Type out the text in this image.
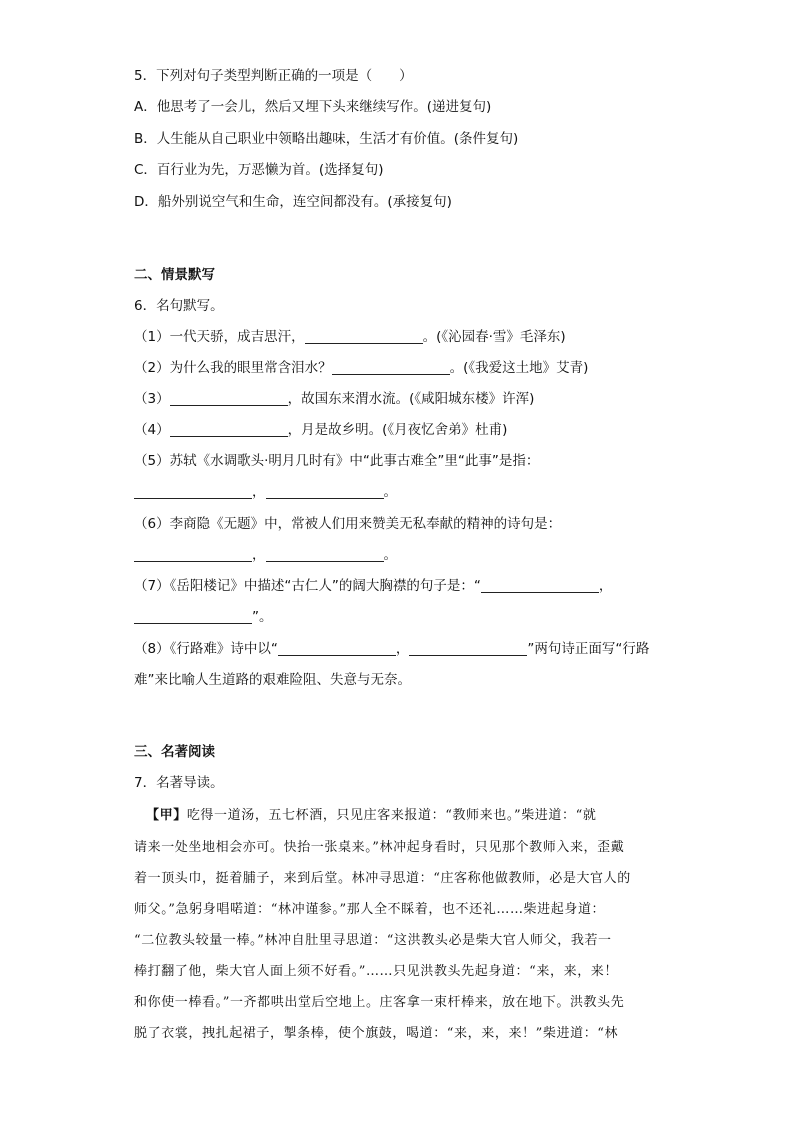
5．下列对句子类型判断正确的一项是（　　）
A．他思考了一会儿，然后又埋下头来继续写作。(递进复句)
B．人生能从自己职业中领略出趣味，生活才有价值。(条件复句)
C．百行业为先，万恶懒为首。(选择复句)
D．船外别说空气和生命，连空间都没有。(承接复句)
二、情景默写
6．名句默写。
（1）一代天骄，成吉思汗，	。(《沁园春·雪》毛泽东)
（2）为什么我的眼里常含泪水？	。(《我爱这土地》艾青)
（3）	，故国东来渭水流。(《咸阳城东楼》许浑)
（4）	，月是故乡明。(《月夜忆舍弟》杜甫)
（5）苏轼《水调歌头·明月几时有》中“此事古难全”里“此事”是指：
，	。
（6）李商隐《无题》中，常被人们用来赞美无私奉献的精神的诗句是：
，	。
（7）《岳阳楼记》中描述“古仁人”的阔大胸襟的句子是：“	，
”。
（8）《行路难》诗中以“	，	”两句诗正面写“行路
难”来比喻人生道路的艰难险阻、失意与无奈。
三、名著阅读
7．名著导读。
【甲】吃得一道汤，五七杯酒，只见庄客来报道：“教师来也。”柴进道：“就
请来一处坐地相会亦可。快抬一张桌来。”林冲起身看时，只见那个教师入来，歪戴
着一顶头巾，挺着脯子，来到后堂。林冲寻思道：“庄客称他做教师，必是大官人的
师父。”急躬身唱喏道：“林冲谨参。”那人全不睬着，也不还礼……柴进起身道：
“二位教头较量一棒。”林冲自肚里寻思道：“这洪教头必是柴大官人师父，我若一
棒打翻了他，柴大官人面上须不好看。”……只见洪教头先起身道：“来，来，来！
和你使一棒看。”一齐都哄出堂后空地上。庄客拿一束杆棒来，放在地下。洪教头先
脱了衣裳，拽扎起裙子，掣条棒，使个旗鼓，喝道：“来，来，来！”柴进道：“林
